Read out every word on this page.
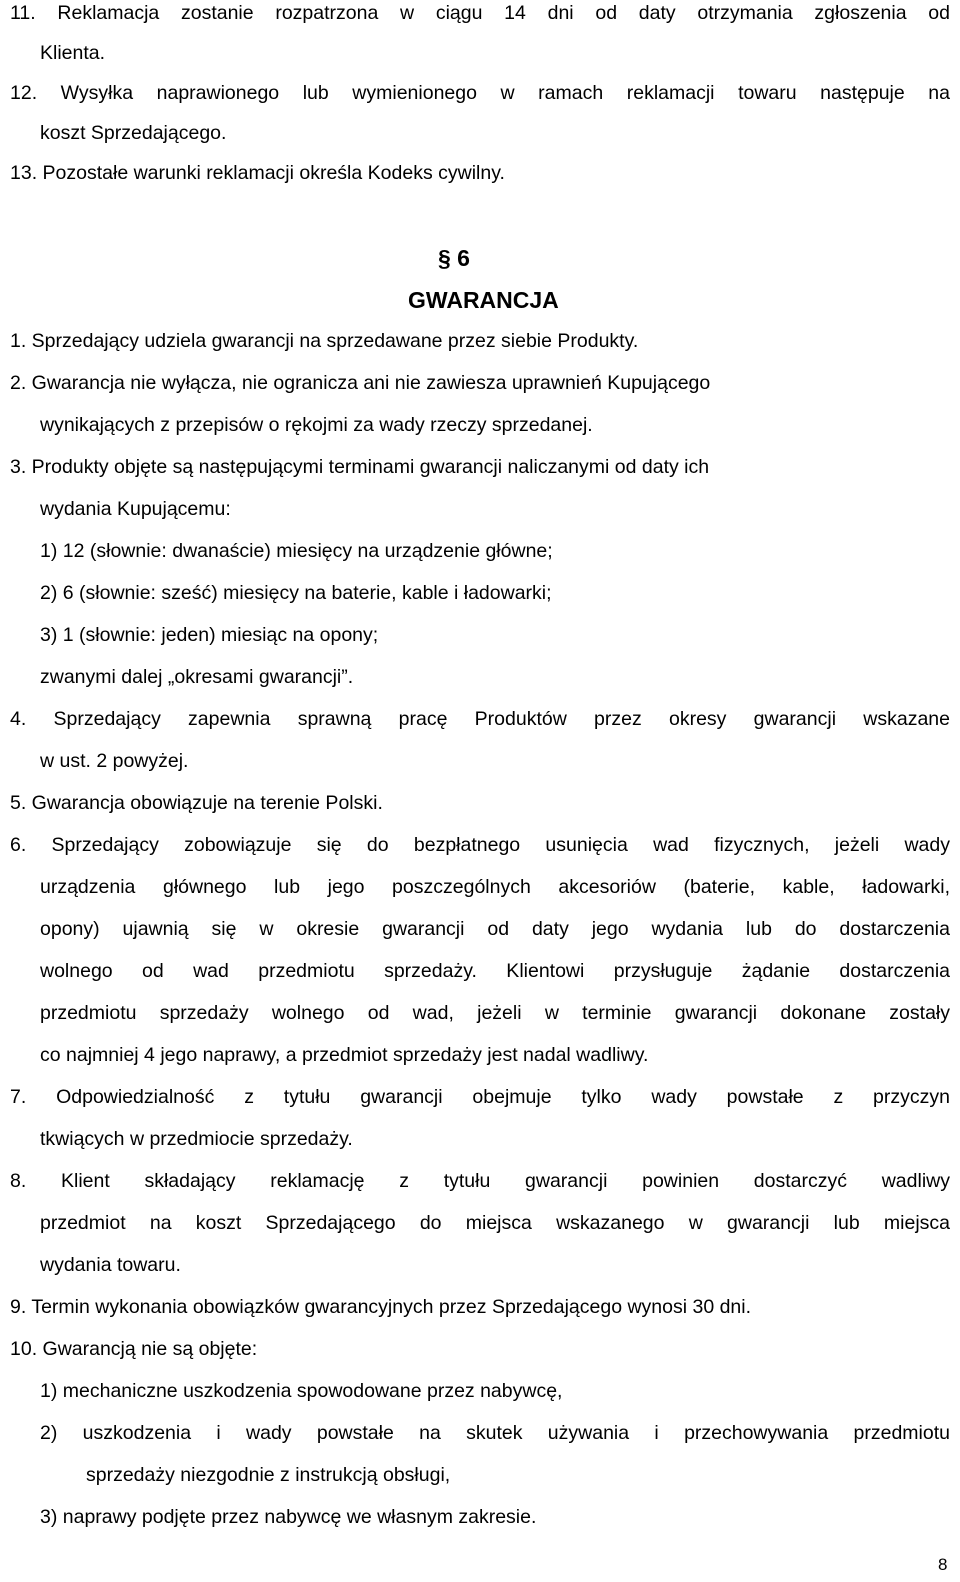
11. Reklamacja zostanie rozpatrzona w ciągu 14 dni od daty otrzymania zgłoszenia od
Klienta.
12. Wysyłka naprawionego lub wymienionego w ramach reklamacji towaru następuje na
koszt Sprzedającego.
13. Pozostałe warunki reklamacji określa Kodeks cywilny.
§ 6
GWARANCJA
1. Sprzedający udziela gwarancji na sprzedawane przez siebie Produkty.
2. Gwarancja nie wyłącza, nie ogranicza ani nie zawiesza uprawnień Kupującego
wynikających z przepisów o rękojmi za wady rzeczy sprzedanej.
3. Produkty objęte są następującymi terminami gwarancji naliczanymi od daty ich
wydania Kupującemu:
1) 12 (słownie: dwanaście) miesięcy na urządzenie główne;
2) 6 (słownie: sześć) miesięcy na baterie, kable i ładowarki;
3) 1 (słownie: jeden) miesiąc na opony;
zwanymi dalej „okresami gwarancji”.
4. Sprzedający zapewnia sprawną pracę Produktów przez okresy gwarancji wskazane
w ust. 2 powyżej.
5. Gwarancja obowiązuje na terenie Polski.
6. Sprzedający zobowiązuje się do bezpłatnego usunięcia wad fizycznych, jeżeli wady
urządzenia głównego lub jego poszczególnych akcesoriów (baterie, kable, ładowarki,
opony) ujawnią się w okresie gwarancji od daty jego wydania lub do dostarczenia
wolnego od wad przedmiotu sprzedaży. Klientowi przysługuje żądanie dostarczenia
przedmiotu sprzedaży wolnego od wad, jeżeli w terminie gwarancji dokonane zostały
co najmniej 4 jego naprawy, a przedmiot sprzedaży jest nadal wadliwy.
7. Odpowiedzialność z tytułu gwarancji obejmuje tylko wady powstałe z przyczyn
tkwiących w przedmiocie sprzedaży.
8. Klient składający reklamację z tytułu gwarancji powinien dostarczyć wadliwy
przedmiot na koszt Sprzedającego do miejsca wskazanego w gwarancji lub miejsca
wydania towaru.
9. Termin wykonania obowiązków gwarancyjnych przez Sprzedającego wynosi 30 dni.
10. Gwarancją nie są objęte:
1) mechaniczne uszkodzenia spowodowane przez nabywcę,
2) uszkodzenia i wady powstałe na skutek używania i przechowywania przedmiotu
sprzedaży niezgodnie z instrukcją obsługi,
3) naprawy podjęte przez nabywcę we własnym zakresie.
8
